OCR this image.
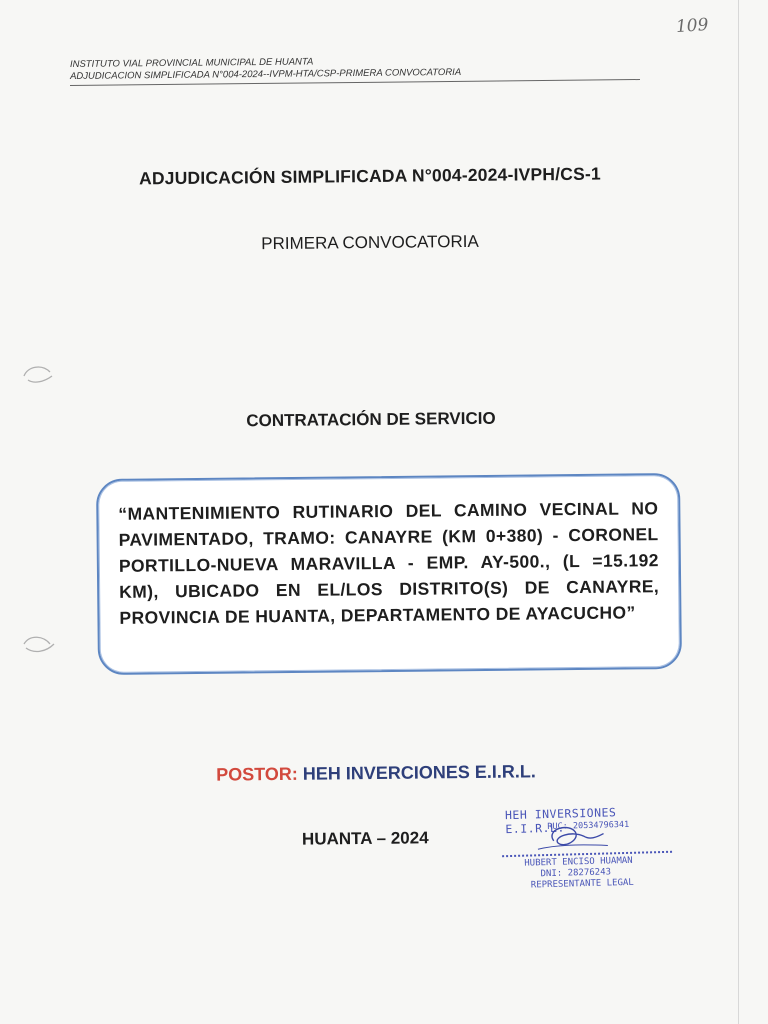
109
INSTITUTO VIAL PROVINCIAL MUNICIPAL DE HUANTA
ADJUDICACION SIMPLIFICADA N°004-2024--IVPM-HTA/CSP-PRIMERA CONVOCATORIA
ADJUDICACIÓN SIMPLIFICADA N°004-2024-IVPH/CS-1
PRIMERA CONVOCATORIA
CONTRATACIÓN DE SERVICIO
“MANTENIMIENTO RUTINARIO DEL CAMINO VECINAL NO PAVIMENTADO, TRAMO: CANAYRE (KM 0+380) - CORONEL PORTILLO-NUEVA MARAVILLA - EMP. AY-500., (L =15.192 KM), UBICADO EN EL/LOS DISTRITO(S) DE CANAYRE, PROVINCIA DE HUANTA, DEPARTAMENTO DE AYACUCHO”
POSTOR: HEH INVERCIONES E.I.R.L.
HUANTA – 2024
HEH INVERSIONES E.I.R.L.
RUC: 20534796341
HUBERT ENCISO HUAMAN
DNI: 28276243
REPRESENTANTE LEGAL
